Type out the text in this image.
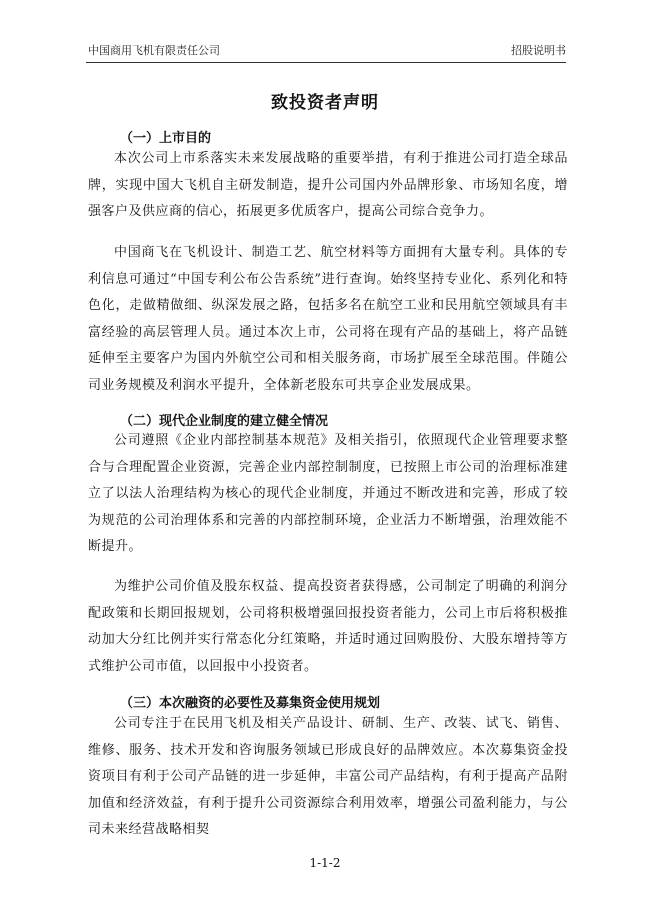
中国商用飞机有限责任公司	招股说明书
致投资者声明
（一）上市目的

本次公司上市系落实未来发展战略的重要举措，有利于推进公司打造全球品牌，实现中国大飞机自主研发制造，提升公司国内外品牌形象、市场知名度，增强客户及供应商的信心，拓展更多优质客户，提高公司综合竞争力。

中国商飞在飞机设计、制造工艺、航空材料等方面拥有大量专利。具体的专利信息可通过“中国专利公布公告系统”进行查询。始终坚持专业化、系列化和特色化，走做精做细、纵深发展之路，包括多名在航空工业和民用航空领域具有丰富经验的高层管理人员。通过本次上市，公司将在现有产品的基础上，将产品链延伸至主要客户为国内外航空公司和相关服务商，市场扩展至全球范围。伴随公司业务规模及利润水平提升，全体新老股东可共享企业发展成果。

（二）现代企业制度的建立健全情况

公司遵照《企业内部控制基本规范》及相关指引，依照现代企业管理要求整合与合理配置企业资源，完善企业内部控制制度，已按照上市公司的治理标准建立了以法人治理结构为核心的现代企业制度，并通过不断改进和完善，形成了较为规范的公司治理体系和完善的内部控制环境，企业活力不断增强，治理效能不断提升。

为维护公司价值及股东权益、提高投资者获得感，公司制定了明确的利润分配政策和长期回报规划，公司将积极增强回报投资者能力，公司上市后将积极推动加大分红比例并实行常态化分红策略，并适时通过回购股份、大股东增持等方式维护公司市值，以回报中小投资者。

（三）本次融资的必要性及募集资金使用规划

公司专注于在民用飞机及相关产品设计、研制、生产、改装、试飞、销售、维修、服务、技术开发和咨询服务领域已形成良好的品牌效应。本次募集资金投资项目有利于公司产品链的进一步延伸，丰富公司产品结构，有利于提高产品附加值和经济效益，有利于提升公司资源综合利用效率，增强公司盈利能力，与公司未来经营战略相契

1-1-2
